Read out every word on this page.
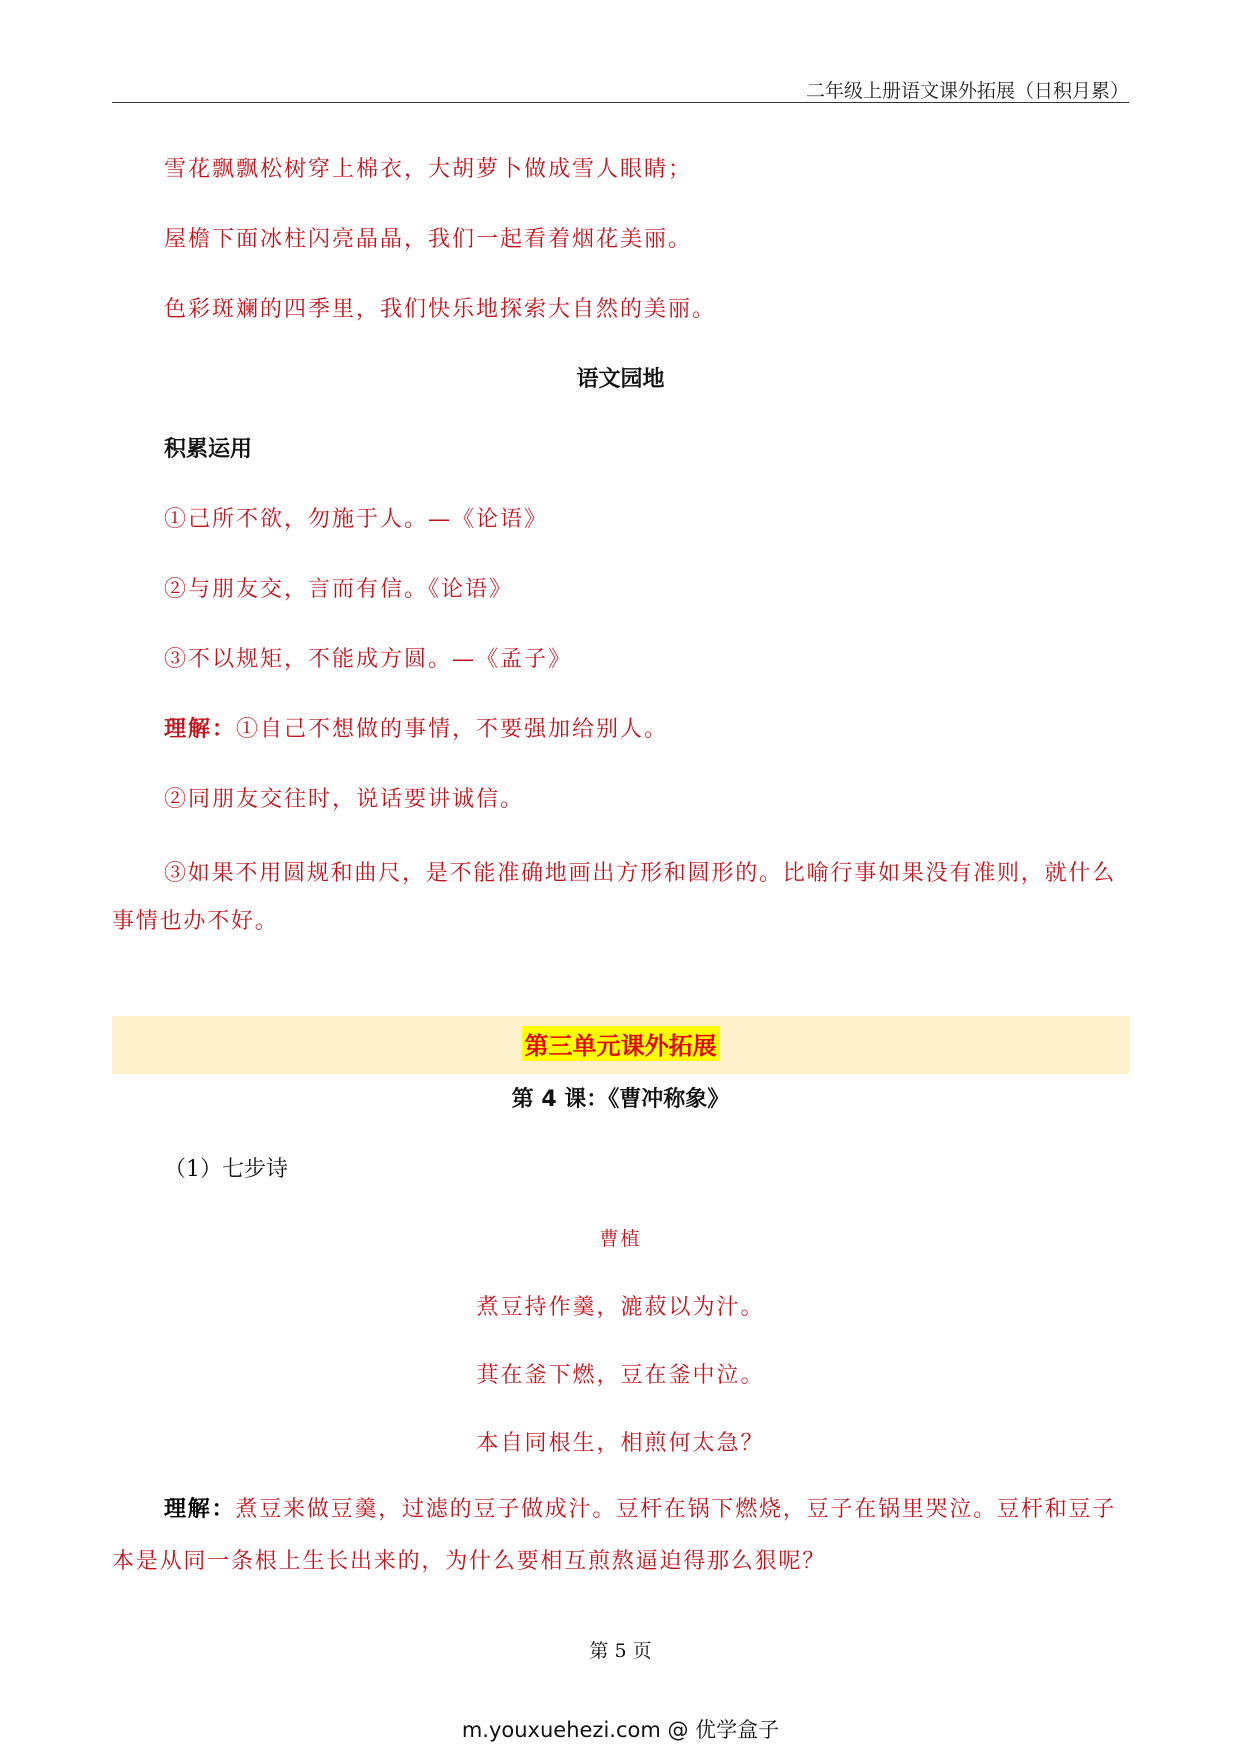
二年级上册语文课外拓展（日积月累）
雪花飘飘松树穿上棉衣，大胡萝卜做成雪人眼睛；
屋檐下面冰柱闪亮晶晶，我们一起看着烟花美丽。
色彩斑斓的四季里，我们快乐地探索大自然的美丽。
语文园地
积累运用
①己所不欲，勿施于人。—《论语》
②与朋友交，言而有信。《论语》
③不以规矩，不能成方圆。—《孟子》
理解：①自己不想做的事情，不要强加给别人。
②同朋友交往时，说话要讲诚信。
③如果不用圆规和曲尺，是不能准确地画出方形和圆形的。比喻行事如果没有准则，就什么事情也办不好。
第三单元课外拓展
第 4 课：《曹冲称象》
（1）七步诗
曹植
煮豆持作羹，漉菽以为汁。
萁在釜下燃，豆在釜中泣。
本自同根生，相煎何太急？
理解：煮豆来做豆羹，过滤的豆子做成汁。豆杆在锅下燃烧，豆子在锅里哭泣。豆杆和豆子本是从同一条根上生长出来的，为什么要相互煎熬逼迫得那么狠呢？
第 5 页
m.youxuehezi.com @ 优学盒子
